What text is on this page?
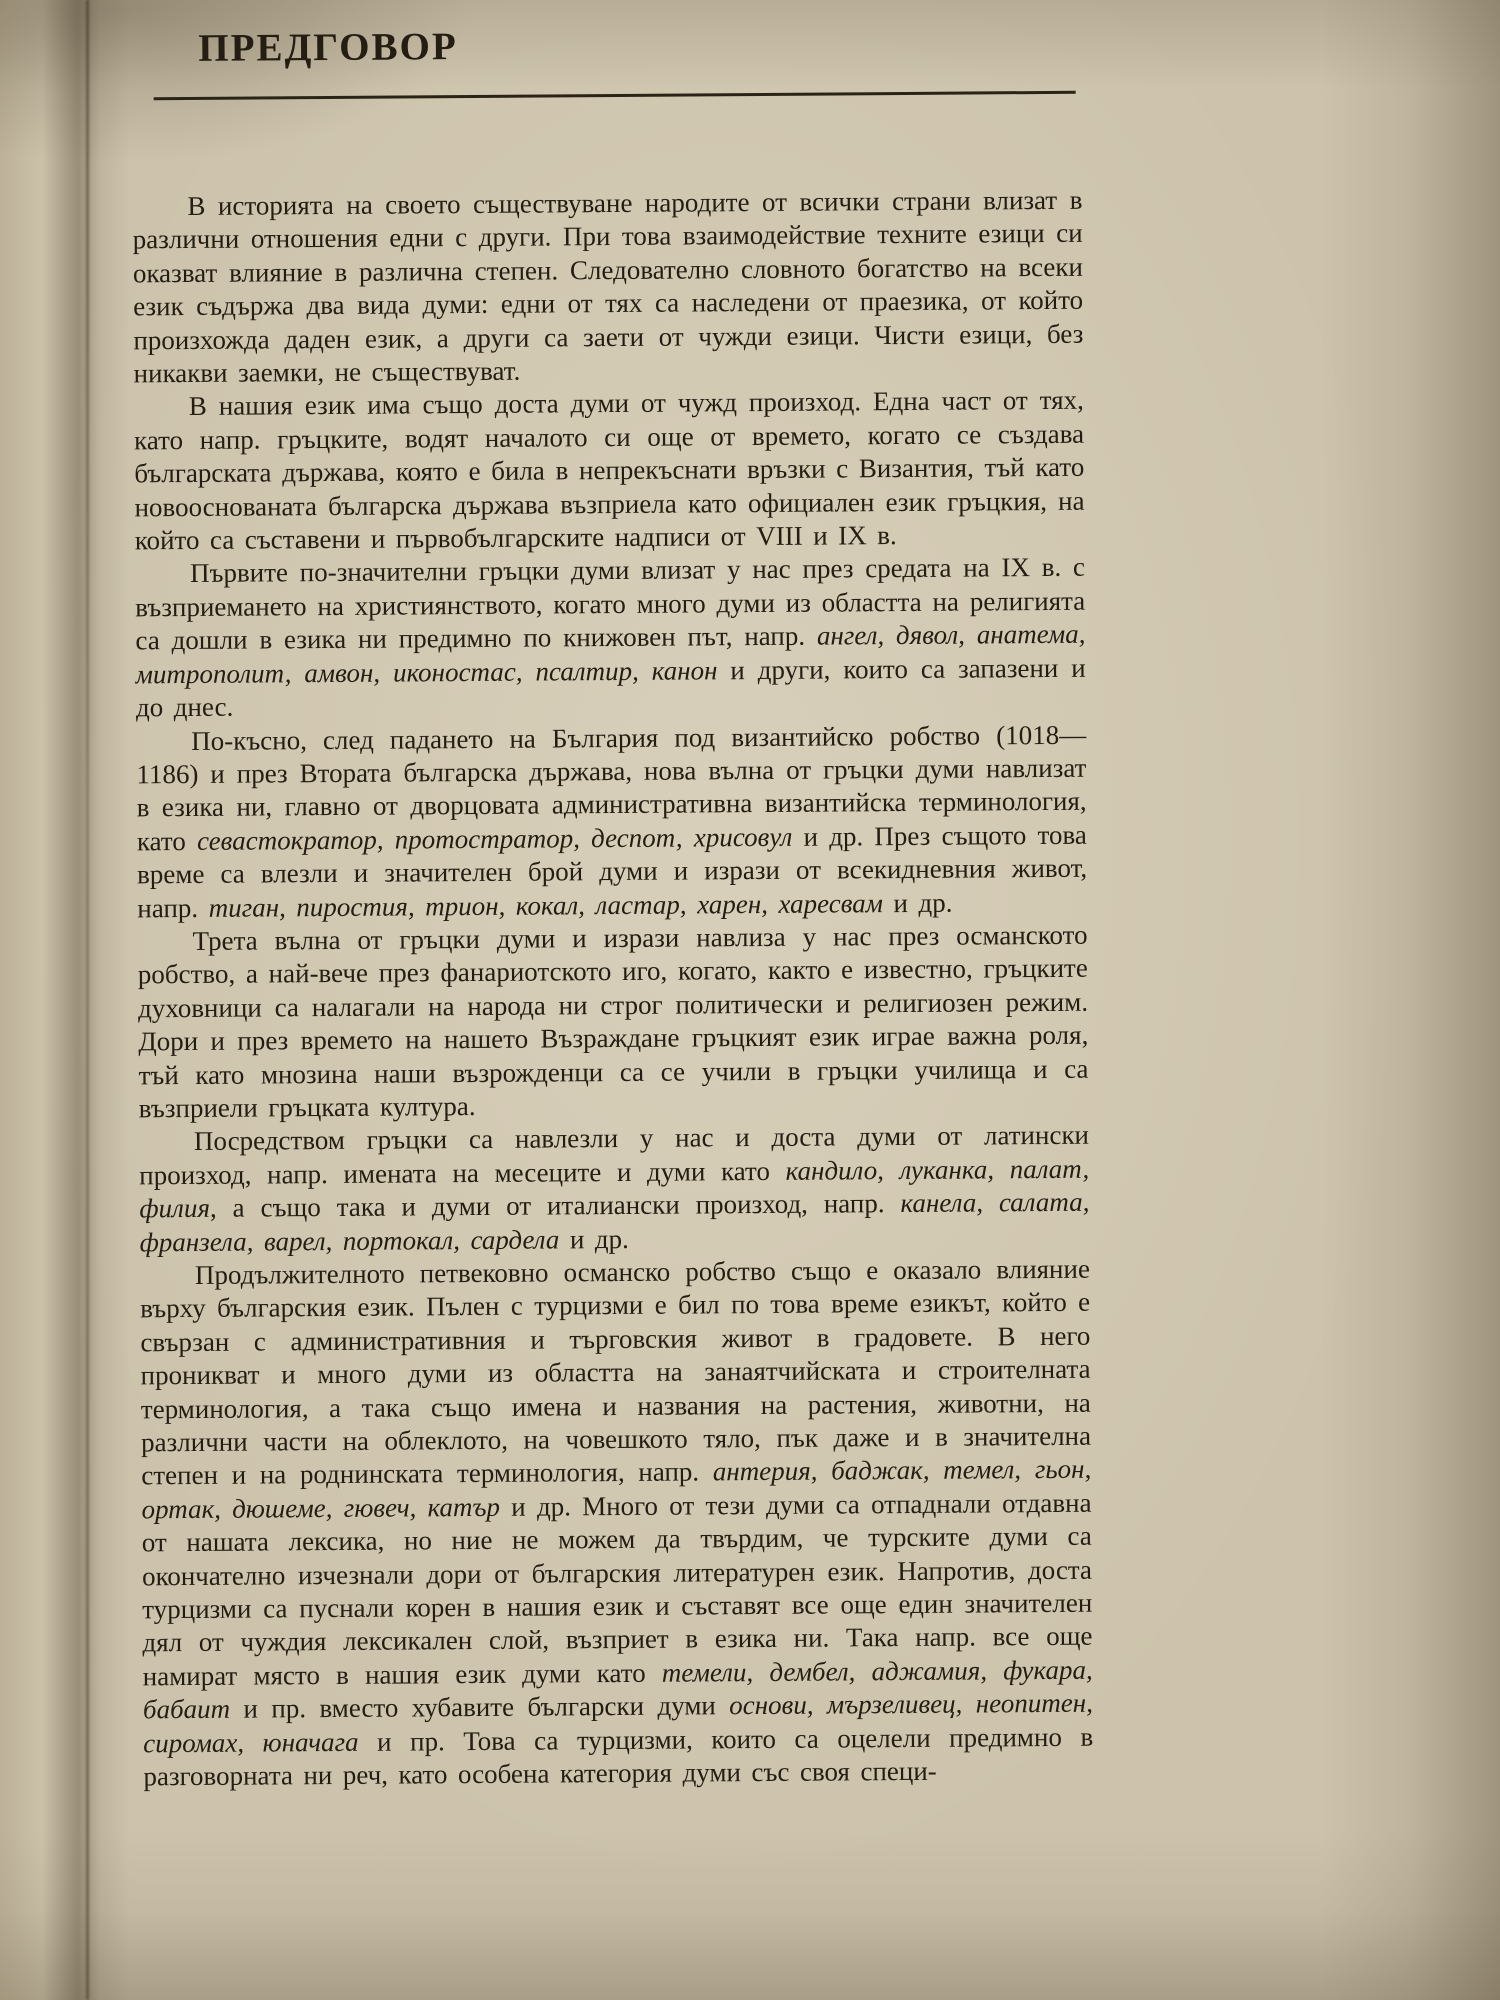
ПРЕДГОВОР

В историята на своето съществуване народите от всички страни влизат в различни отношения едни с други. При това взаимодействие техните езици си оказват влияние в различна степен. Следователно словното богатство на всеки език съдържа два вида думи: едни от тях са наследени от праезика, от който произхожда даден език, а други са заети от чужди езици. Чисти езици, без никакви заемки, не съществуват.

В нашия език има също доста думи от чужд произход. Една част от тях, като напр. гръцките, водят началото си още от времето, когато се създава българската държава, която е била в непрекъснати връзки с Византия, тъй като новооснованата българска държава възприела като официален език гръцкия, на който са съставени и първобългарските надписи от VIII и IX в.

Първите по-значителни гръцки думи влизат у нас през средата на IX в. с възприемането на християнството, когато много думи из областта на религията са дошли в езика ни предимно по книжовен път, напр. ангел, дявол, анатема, митрополит, амвон, иконостас, псалтир, канон и други, които са запазени и до днес.

По-късно, след падането на България под византийско робство (1018—1186) и през Втората българска държава, нова вълна от гръцки думи навлизат в езика ни, главно от дворцовата административна византийска терминология, като севастократор, протостратор, деспот, хрисовул и др. През същото това време са влезли и значителен брой думи и изрази от всекидневния живот, напр. тиган, пиростия, трион, кокал, ластар, харен, харесвам и др.

Трета вълна от гръцки думи и изрази навлиза у нас през османското робство, а най-вече през фанариотското иго, когато, както е известно, гръцките духовници са налагали на народа ни строг политически и религиозен режим. Дори и през времето на нашето Възраждане гръцкият език играе важна роля, тъй като мнозина наши възрожденци са се учили в гръцки училища и са възприели гръцката култура.

Посредством гръцки са навлезли у нас и доста думи от латински произход, напр. имената на месеците и думи като кандило, луканка, палат, филия, а също така и думи от италиански произход, напр. канела, салата, франзела, варел, портокал, сардела и др.

Продължителното петвековно османско робство също е оказало влияние върху българския език. Пълен с турцизми е бил по това време езикът, който е свързан с административния и търговския живот в градовете. В него проникват и много думи из областта на занаятчийската и строителната терминология, а така също имена и названия на растения, животни, на различни части на облеклото, на човешкото тяло, пък даже и в значителна степен и на роднинската терминология, напр. антерия, баджак, темел, гьон, ортак, дюшеме, гювеч, катър и др. Много от тези думи са отпаднали отдавна от нашата лексика, но ние не можем да твърдим, че турските думи са окончателно изчезнали дори от българския литературен език. Напротив, доста турцизми са пуснали корен в нашия език и съставят все още един значителен дял от чуждия лексикален слой, възприет в езика ни. Така напр. все още намират място в нашия език думи като темели, дембел, аджамия, фукара, бабаит и пр. вместо хубавите български думи основи, мързеливец, неопитен, сиромах, юначага и пр. Това са турцизми, които са оцелели предимно в разговорната ни реч, като особена категория думи със своя специ-
